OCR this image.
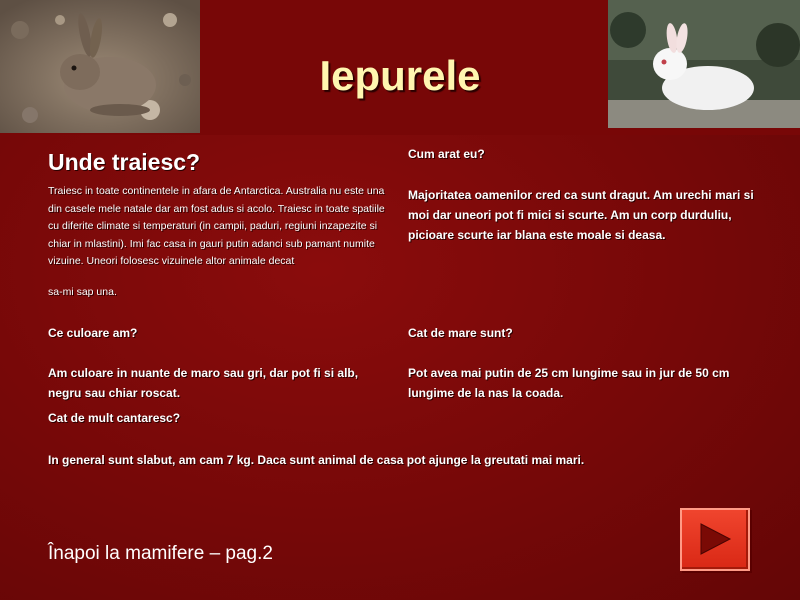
Iepurele
Unde traiesc?
Traiesc in toate continentele in afara de Antarctica. Australia nu este una din casele mele natale dar am fost adus si acolo. Traiesc in toate spatiile cu diferite climate si temperaturi (in campii, paduri, regiuni inzapezite si chiar in mlastini). Imi fac casa in gauri putin adanci sub pamant numite vizuine. Uneori folosesc vizuinele altor animale decat
sa-mi sap una.
Cum arat eu?
Majoritatea oamenilor cred ca sunt dragut. Am urechi mari si moi dar uneori pot fi mici si scurte. Am un corp durduliu, picioare scurte iar blana este moale si deasa.
Ce culoare am?
Am culoare in nuante de maro sau gri, dar pot fi si alb, negru sau chiar roscat.
Cat de mare sunt?
Pot avea mai putin de 25 cm lungime sau in jur de 50 cm lungime de la nas la coada.
Cat de mult cantaresc?
In general sunt slabut, am cam 7 kg. Daca sunt animal de casa pot ajunge la greutati mai mari.
Înapoi la mamifere – pag.2
